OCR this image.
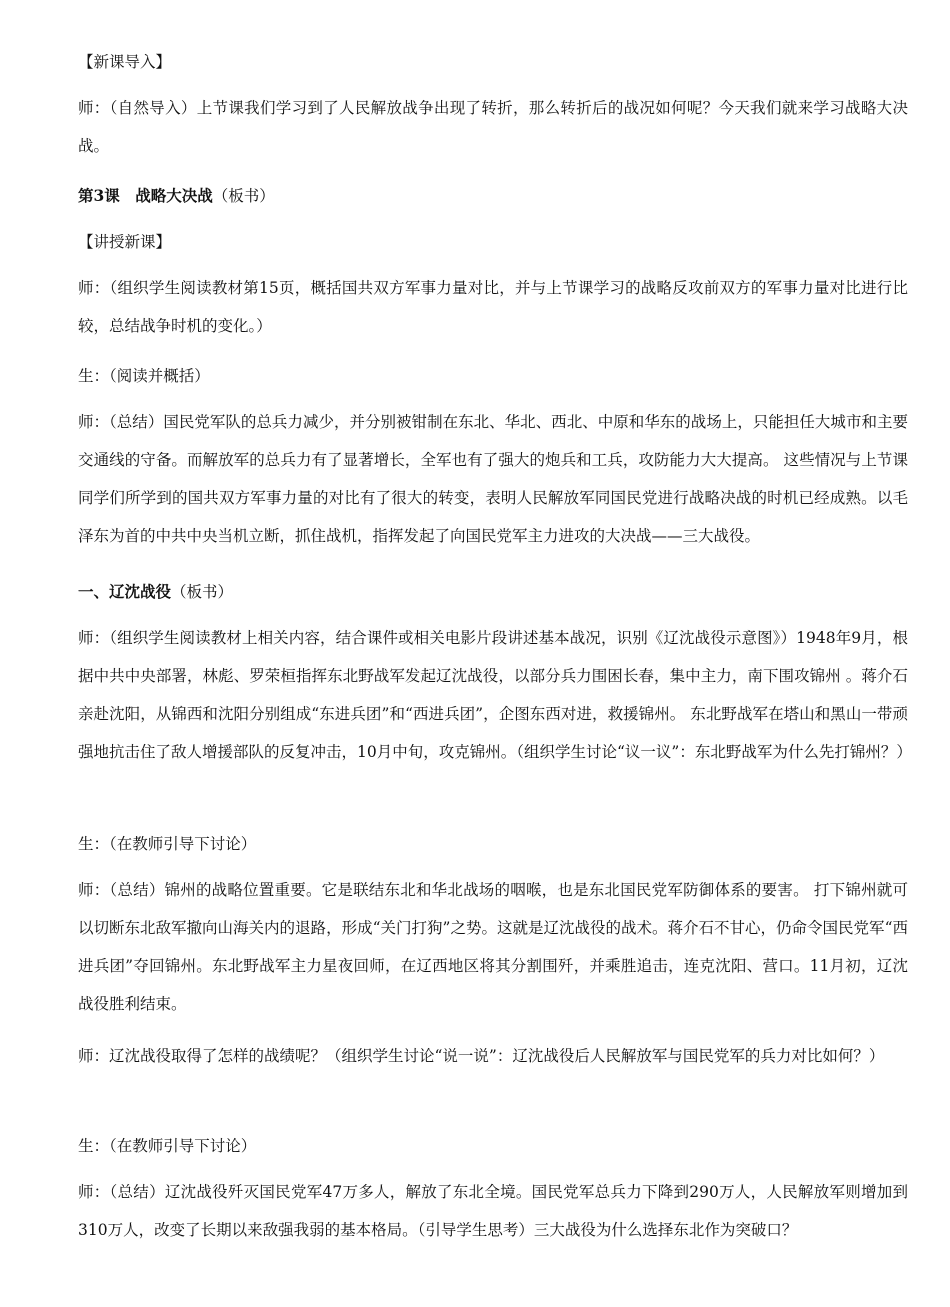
【新课导入】
师：（自然导入）上节课我们学习到了人民解放战争出现了转折，那么转折后的战况如何呢？今天我们就来学习战略大决战。
第3课　战略大决战（板书）
【讲授新课】
师：（组织学生阅读教材第15页，概括国共双方军事力量对比，并与上节课学习的战略反攻前双方的军事力量对比进行比较，总结战争时机的变化。）
生：（阅读并概括）
师：（总结）国民党军队的总兵力减少，并分别被钳制在东北、华北、西北、中原和华东的战场上，只能担任大城市和主要交通线的守备。而解放军的总兵力有了显著增长，全军也有了强大的炮兵和工兵，攻防能力大大提高。 这些情况与上节课同学们所学到的国共双方军事力量的对比有了很大的转变，表明人民解放军同国民党进行战略决战的时机已经成熟。以毛泽东为首的中共中央当机立断，抓住战机，指挥发起了向国民党军主力进攻的大决战——三大战役。
一、辽沈战役（板书）
师：（组织学生阅读教材上相关内容，结合课件或相关电影片段讲述基本战况，识别《辽沈战役示意图》）1948年9月，根据中共中央部署，林彪、罗荣桓指挥东北野战军发起辽沈战役，以部分兵力围困长春，集中主力，南下围攻锦州 。蒋介石亲赴沈阳，从锦西和沈阳分别组成“东进兵团”和“西进兵团”，企图东西对进，救援锦州。 东北野战军在塔山和黑山一带顽强地抗击住了敌人增援部队的反复冲击，10月中旬，攻克锦州。（组织学生讨论“议一议”：东北野战军为什么先打锦州？）
生：（在教师引导下讨论）
师：（总结）锦州的战略位置重要。它是联结东北和华北战场的咽喉，也是东北国民党军防御体系的要害。 打下锦州就可以切断东北敌军撤向山海关内的退路，形成“关门打狗”之势。这就是辽沈战役的战术。蒋介石不甘心，仍命令国民党军“西进兵团”夺回锦州。东北野战军主力星夜回师，在辽西地区将其分割围歼，并乘胜追击，连克沈阳、营口。11月初，辽沈战役胜利结束。
师：辽沈战役取得了怎样的战绩呢？（组织学生讨论“说一说”：辽沈战役后人民解放军与国民党军的兵力对比如何？）
生：（在教师引导下讨论）
师：（总结）辽沈战役歼灭国民党军47万多人，解放了东北全境。国民党军总兵力下降到290万人，人民解放军则增加到310万人，改变了长期以来敌强我弱的基本格局。（引导学生思考）三大战役为什么选择东北作为突破口？
